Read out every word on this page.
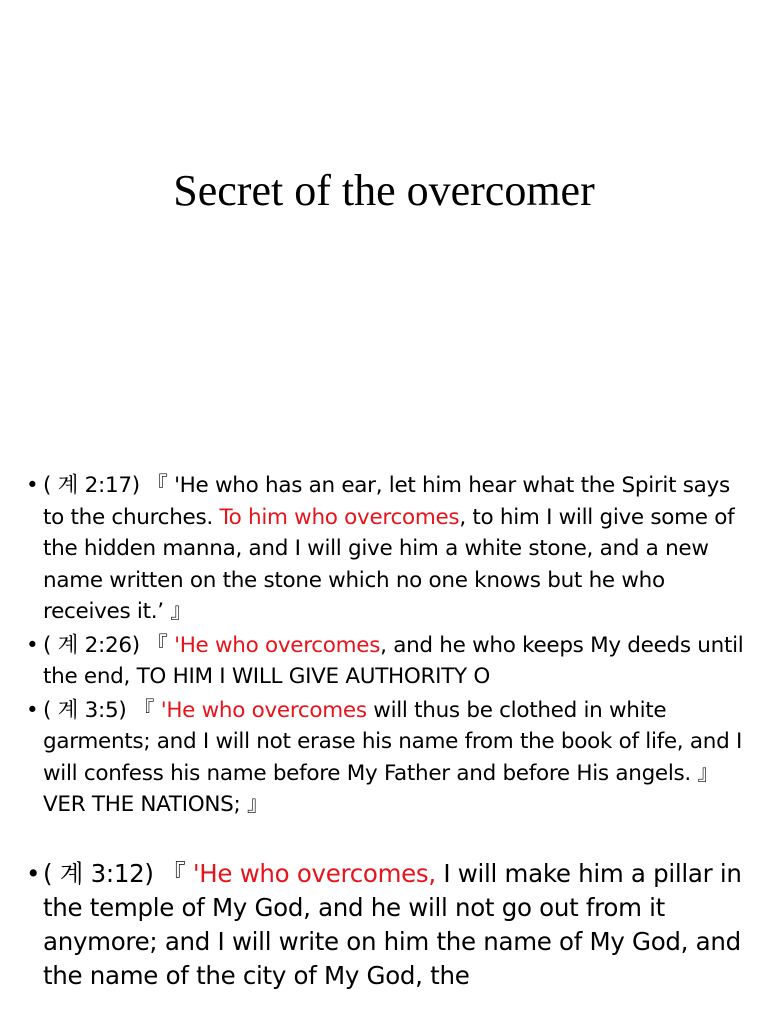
Secret of the overcomer
• ( 계 2:17) 『 'He who has an ear, let him hear what the Spirit says to the churches. To him who overcomes, to him I will give some of the hidden manna, and I will give him a white stone, and a new name written on the stone which no one knows but he who receives it.’ 』
• ( 계 2:26) 『 'He who overcomes, and he who keeps My deeds until the end, TO HIM I WILL GIVE AUTHORITY O
• ( 계 3:5) 『 'He who overcomes will thus be clothed in white garments; and I will not erase his name from the book of life, and I will confess his name before My Father and before His angels. 』 VER THE NATIONS; 』
• ( 계 3:12) 『 'He who overcomes, I will make him a pillar in the temple of My God, and he will not go out from it anymore; and I will write on him the name of My God, and the name of the city of My God, the
